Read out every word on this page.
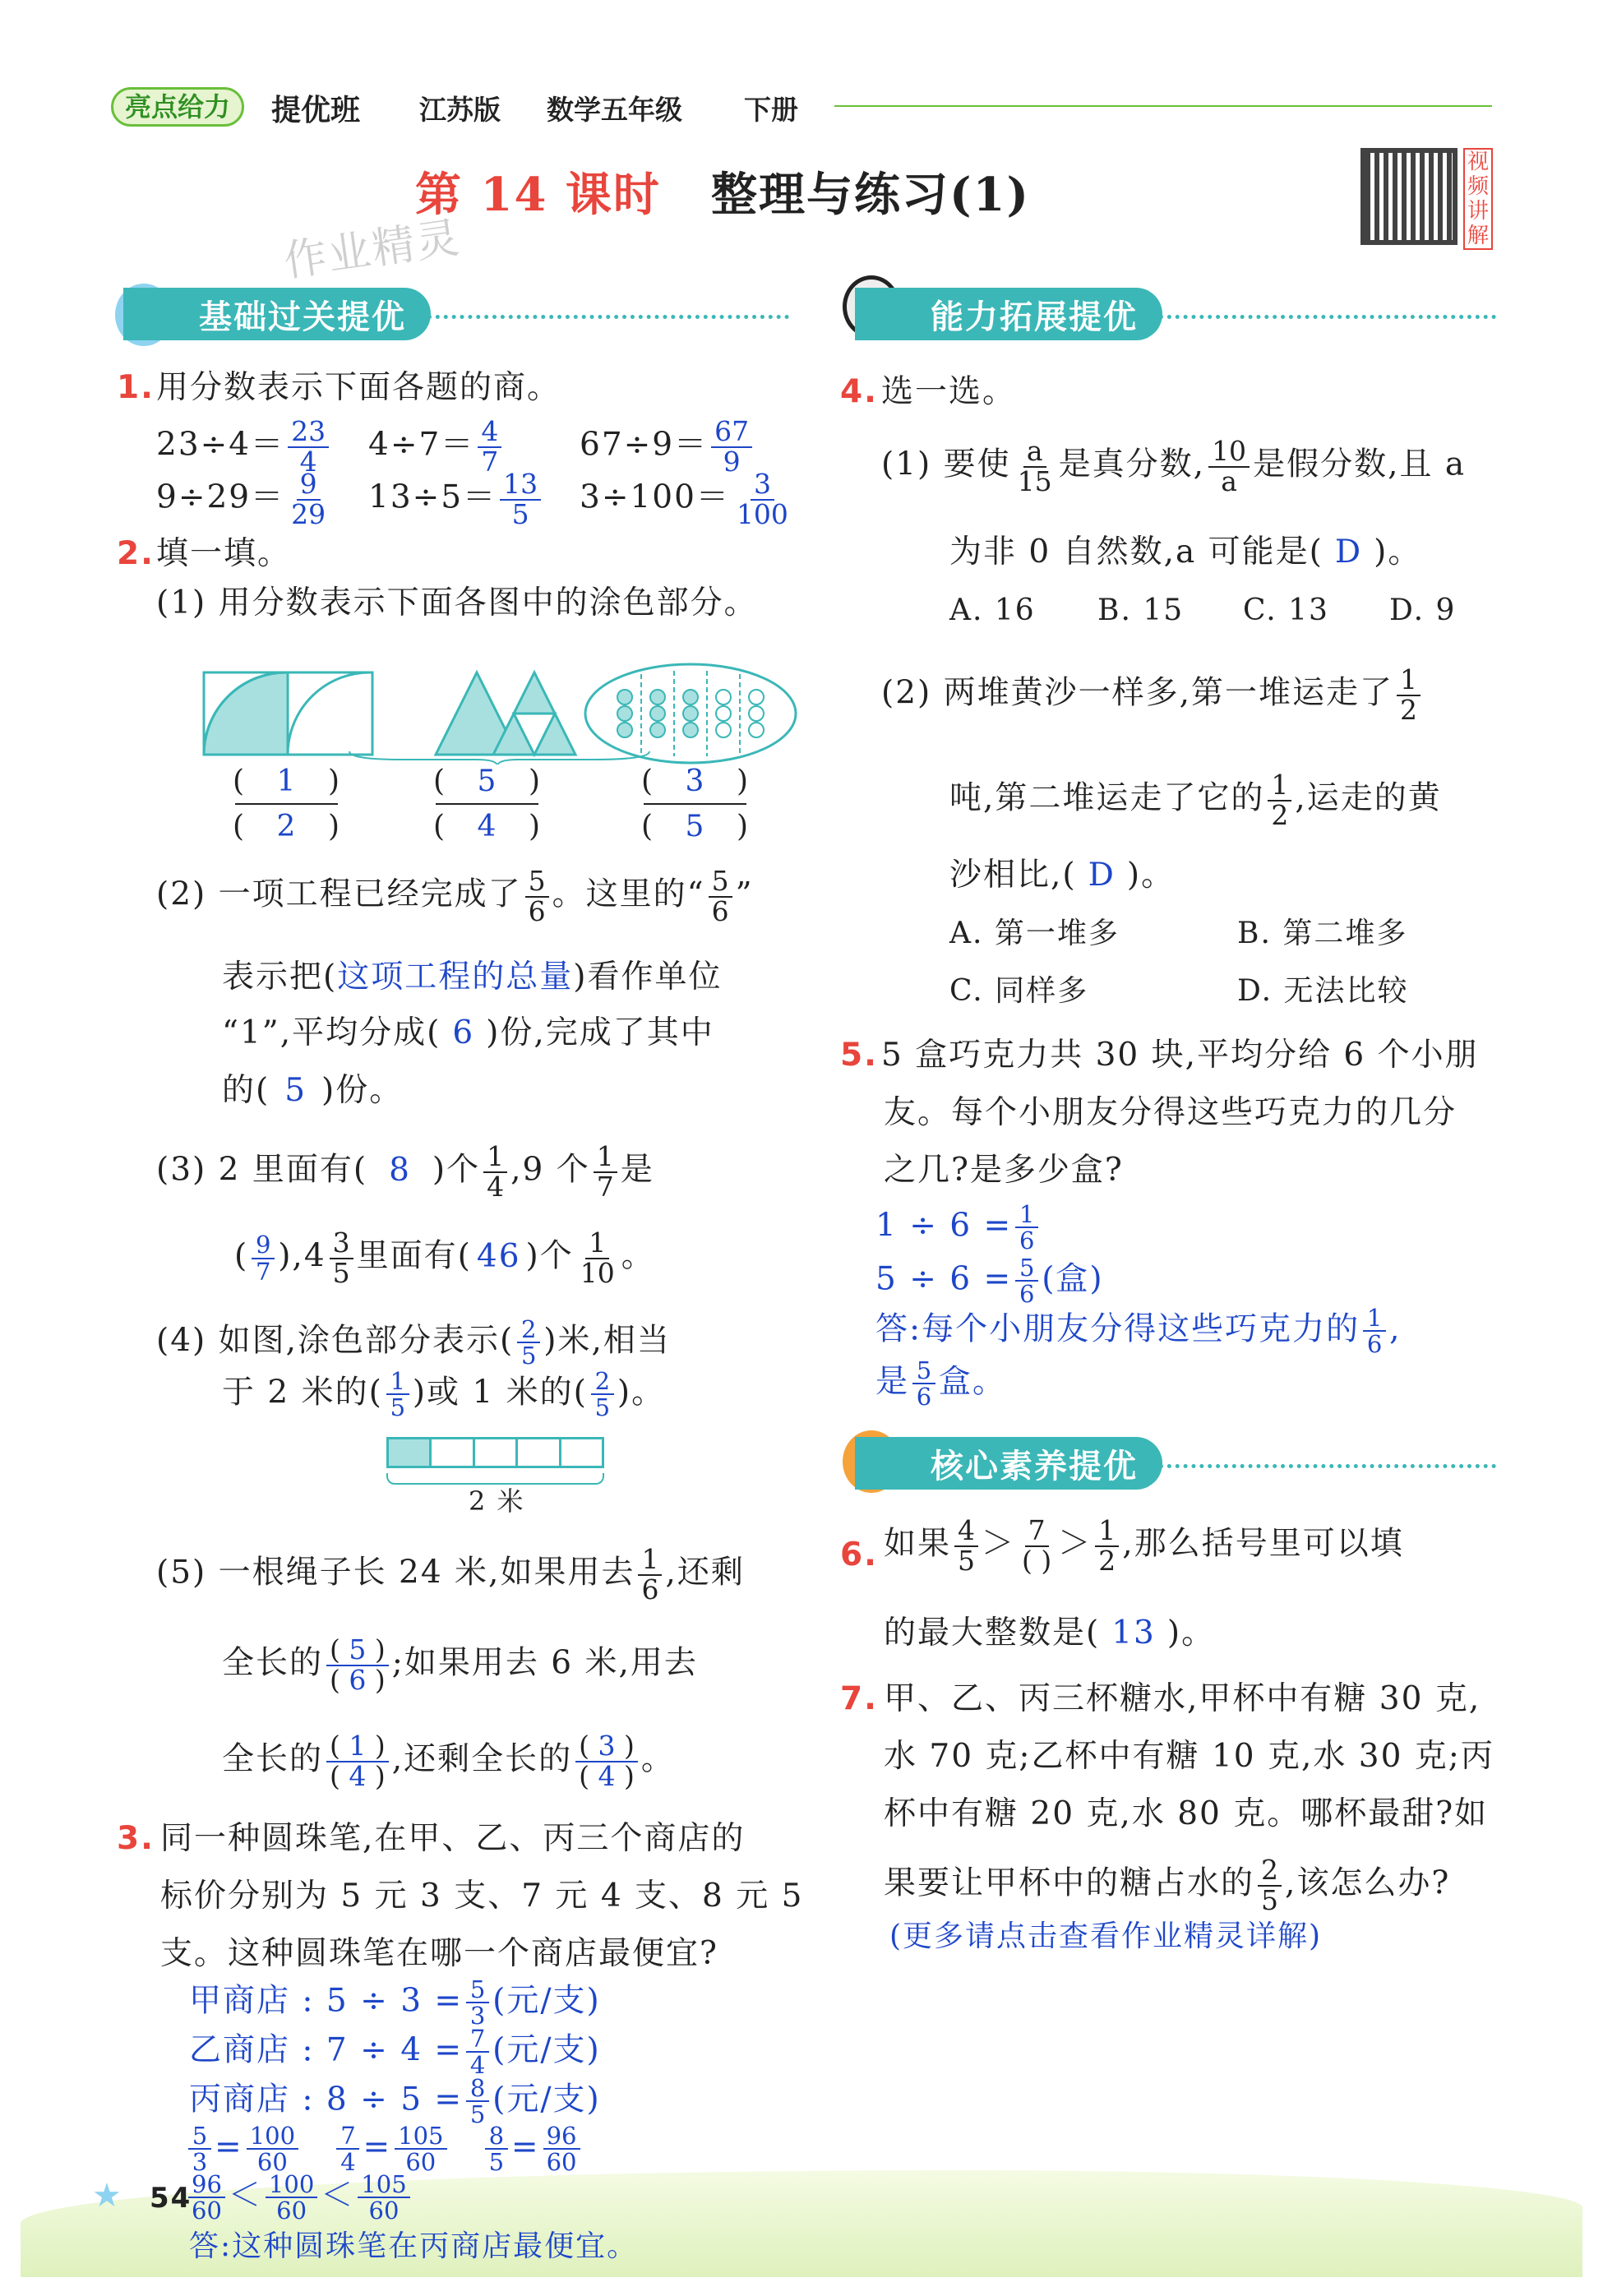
亮点给力	提优班 江苏版 数学五年级 下册
视频讲解
第 14 课时 整理与练习(1)
作业精灵
基础过关提优	能力拓展提优
核心素养提优
1. 用分数表示下面各题的商。
$23\div 4= \frac{23}{4} 4\div 7= \frac{4}{7} 67\div 9= \frac{67}{9}$
$9\div 29= \frac{9}{29} 13\div 5= \frac{13}{5} 3\div 100= \frac{3}{100}$
2. 填一填。
(1) 用分数表示下面各图中的涂色部分。
( 1 )
( 2 )
( 5 )
( 4 )
( 3 )
( 5 )
(2) 一项工程已经完成了 $\frac{5}{6}$ 。这里的“ $\frac{5}{6}$ ”
表示把(这项工程的总量)看作单位
“1”,平均分成( 6 )份,完成了其中
的( 5 )份。
(3) 2 里面有( 8 )个 $\frac{1}{4} ,9$ 个 $\frac{1}{7}$ 是
( $\frac{9}{7} ),4 \frac{3}{5}$ 里面有( 46 )个 $\frac{1}{10}$ 。
(4) 如图,涂色部分表示( $\frac{2}{5}$ )米,相当
于 2 米的( $\frac{1}{5}$ )或 1 米的( $\frac{2}{5}$ )。
2 米
(5) 一根绳子长 24 米,如果用去 $\frac{1}{6}$ ,还剩
全长的 $\frac{( 5 )}{( 6 )}$ ;如果用去 6 米,用去
全长的 $\frac{( 1 )}{( 4 )}$ ,还剩全长的 $\frac{( 3 )}{( 4 )}$ 。
3. 同一种圆珠笔,在甲、乙、丙三个商店的
标价分别为 5 元 3 支、7 元 4 支、8 元 5
支。这种圆珠笔在哪一个商店最便宜?
甲商店 : $5 \div 3 = \frac{5}{3}$ (元/支)
乙商店 : $7 \div 4 = \frac{7}{4}$ (元/支)
丙商店 : $8 \div 5 = \frac{8}{5}$ (元/支)
$\frac{5}{3} = \frac{100}{60}$
$\frac{7}{4} = \frac{105}{60}$
$\frac{8}{5} = \frac{96}{60}$
★ 54
$\frac{96}{60} < \frac{100}{60} < \frac{105}{60}$
答:这种圆珠笔在丙商店最便宜。
4. 选一选。
(1) 要使 $\frac{a}{15}$ 是真分数, $\frac{10}{a}$ 是假分数,且 a
为非 0 自然数,a 可能是( D )。
A. 16 B. 15 C. 13 D. 9
(2) 两堆黄沙一样多,第一堆运走了 $\frac{1}{2}$
吨,第二堆运走了它的 $\frac{1}{2}$ ,运走的黄
沙相比,( D )。
A. 第一堆多	B. 第二堆多
C. 同样多	D. 无法比较
5. 5 盒巧克力共 30 块,平均分给 6 个小朋
友。每个小朋友分得这些巧克力的几分
之几?是多少盒?
$1 \div 6 = \frac{1}{6}$
$5 \div 6 = \frac{5}{6}$ (盒)
答:每个小朋友分得这些巧克力的 $\frac{1}{6}$ ,
是 $\frac{5}{6}$ 盒。
6. 如果 $\frac{4}{5} > \frac{7}{( )} > \frac{1}{2}$ ,那么括号里可以填
的最大整数是( 13 )。
7. 甲、乙、丙三杯糖水,甲杯中有糖 30 克,
水 70 克;乙杯中有糖 10 克,水 30 克;丙
杯中有糖 20 克,水 80 克。哪杯最甜?如
果要让甲杯中的糖占水的 $\frac{2}{5}$ ,该怎么办?
(更多请点击查看作业精灵详解)
